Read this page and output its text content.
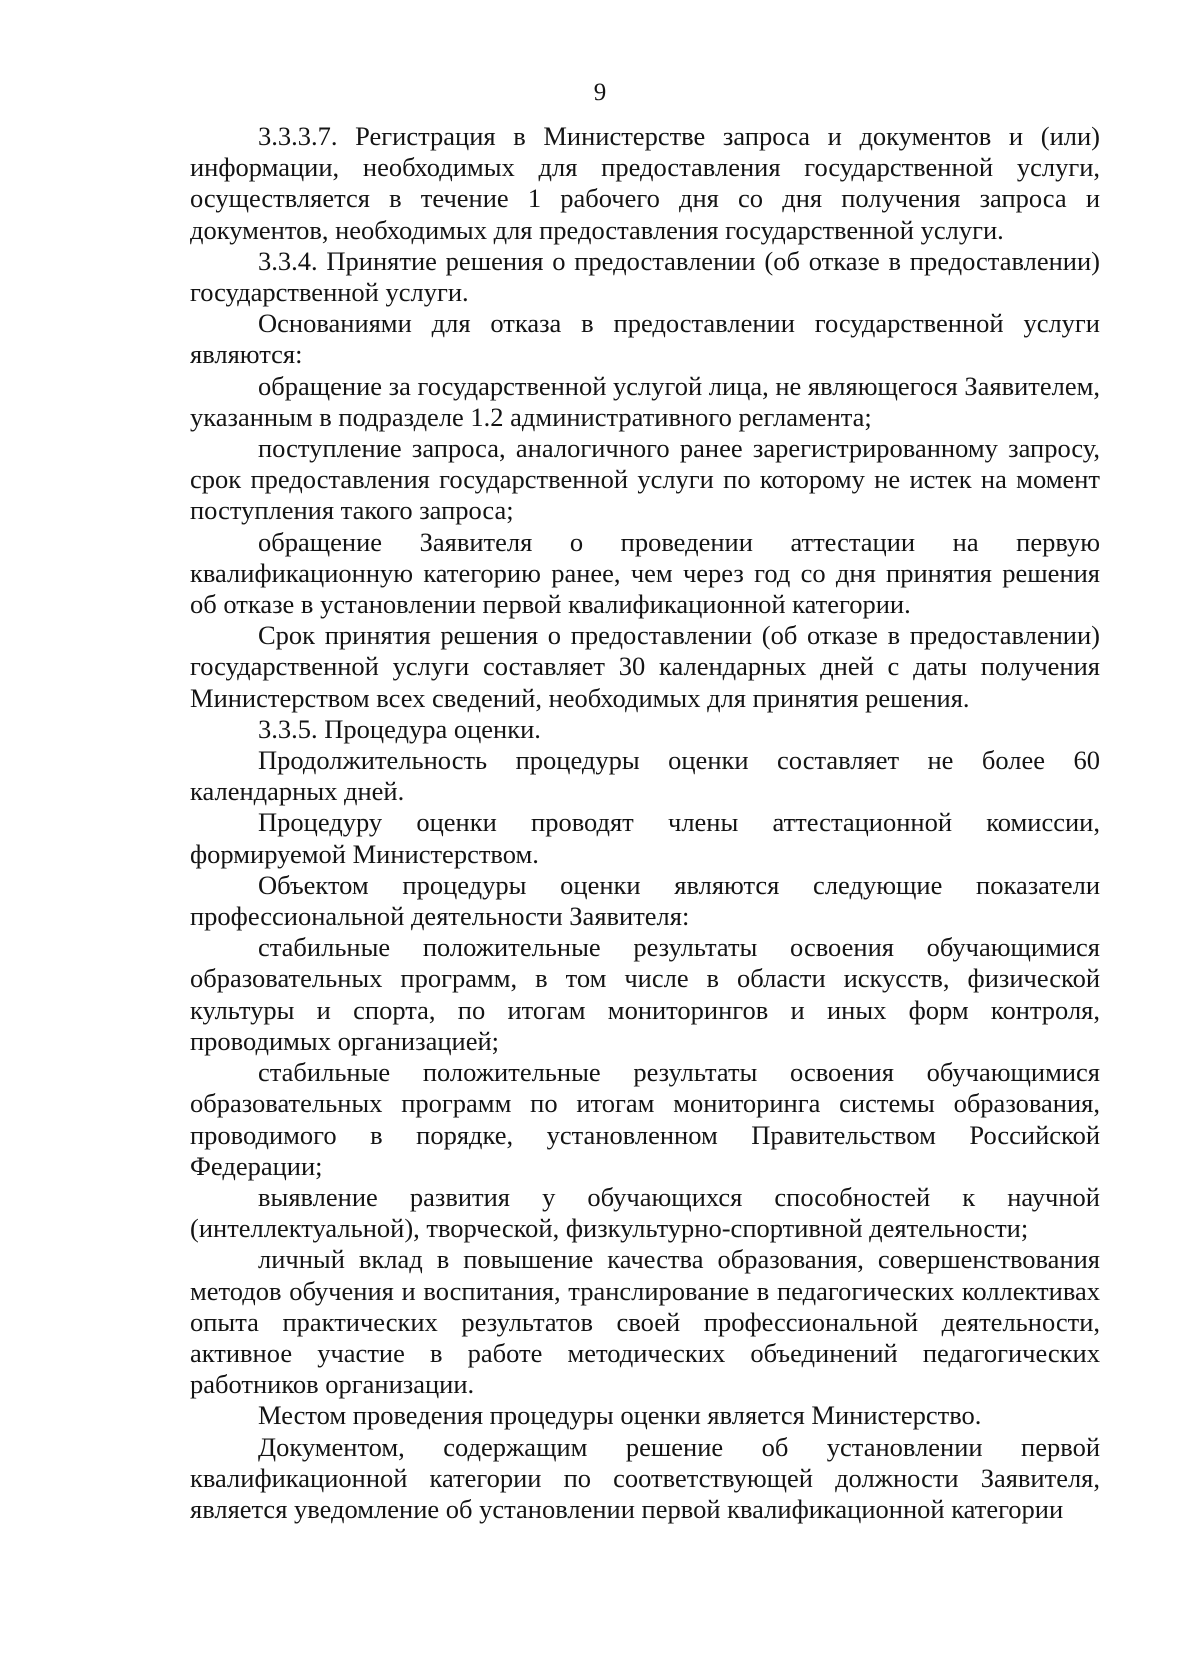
9

3.3.3.7. Регистрация в Министерстве запроса и документов и (или) информации, необходимых для предоставления государственной услуги, осуществляется в течение 1 рабочего дня со дня получения запроса и документов, необходимых для предоставления государственной услуги.

3.3.4. Принятие решения о предоставлении (об отказе в предоставлении) государственной услуги.

Основаниями для отказа в предоставлении государственной услуги являются:

обращение за государственной услугой лица, не являющегося Заявителем, указанным в подразделе 1.2 административного регламента;

поступление запроса, аналогичного ранее зарегистрированному запросу, срок предоставления государственной услуги по которому не истек на момент поступления такого запроса;

обращение Заявителя о проведении аттестации на первую квалификационную категорию ранее, чем через год со дня принятия решения об отказе в установлении первой квалификационной категории.

Срок принятия решения о предоставлении (об отказе в предоставлении) государственной услуги составляет 30 календарных дней с даты получения Министерством всех сведений, необходимых для принятия решения.

3.3.5. Процедура оценки.

Продолжительность процедуры оценки составляет не более 60 календарных дней.

Процедуру оценки проводят члены аттестационной комиссии, формируемой Министерством.

Объектом процедуры оценки являются следующие показатели профессиональной деятельности Заявителя:

стабильные положительные результаты освоения обучающимися образовательных программ, в том числе в области искусств, физической культуры и спорта, по итогам мониторингов и иных форм контроля, проводимых организацией;

стабильные положительные результаты освоения обучающимися образовательных программ по итогам мониторинга системы образования, проводимого в порядке, установленном Правительством Российской Федерации;

выявление развития у обучающихся способностей к научной (интеллектуальной), творческой, физкультурно-спортивной деятельности;

личный вклад в повышение качества образования, совершенствования методов обучения и воспитания, транслирование в педагогических коллективах опыта практических результатов своей профессиональной деятельности, активное участие в работе методических объединений педагогических работников организации.

Местом проведения процедуры оценки является Министерство.

Документом, содержащим решение об установлении первой квалификационной категории по соответствующей должности Заявителя, является уведомление об установлении первой квалификационной категории
